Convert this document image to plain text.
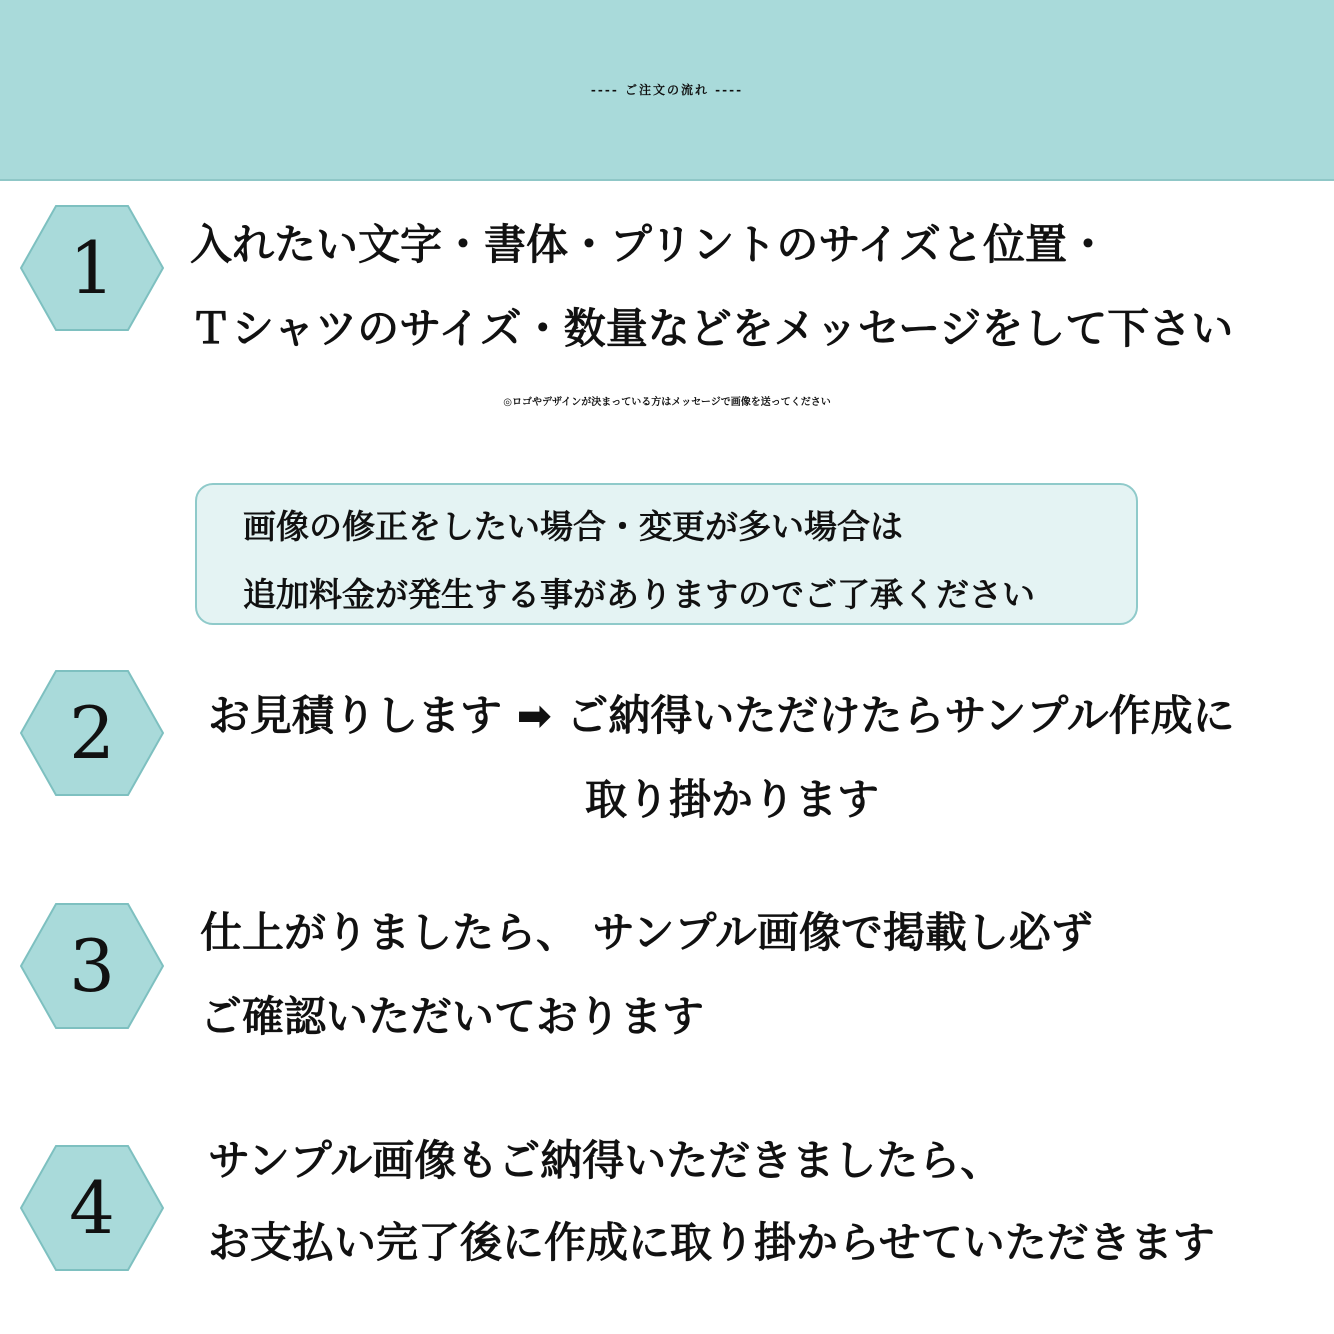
---- ご注文の流れ ----
1	入れたい文字・書体・プリントのサイズと位置・
Ｔシャツのサイズ・数量などをメッセージをして下さい
◎ロゴやデザインが決まっている方はメッセージで画像を送ってください
画像の修正をしたい場合・変更が多い場合は
追加料金が発生する事がありますのでご了承ください
2	お見積りします ➡ ご納得いただけたらサンプル作成に
取り掛かります
3	仕上がりましたら、 サンプル画像で掲載し必ず
ご確認いただいております
4
サンプル画像もご納得いただきましたら、
お支払い完了後に作成に取り掛からせていただきます
